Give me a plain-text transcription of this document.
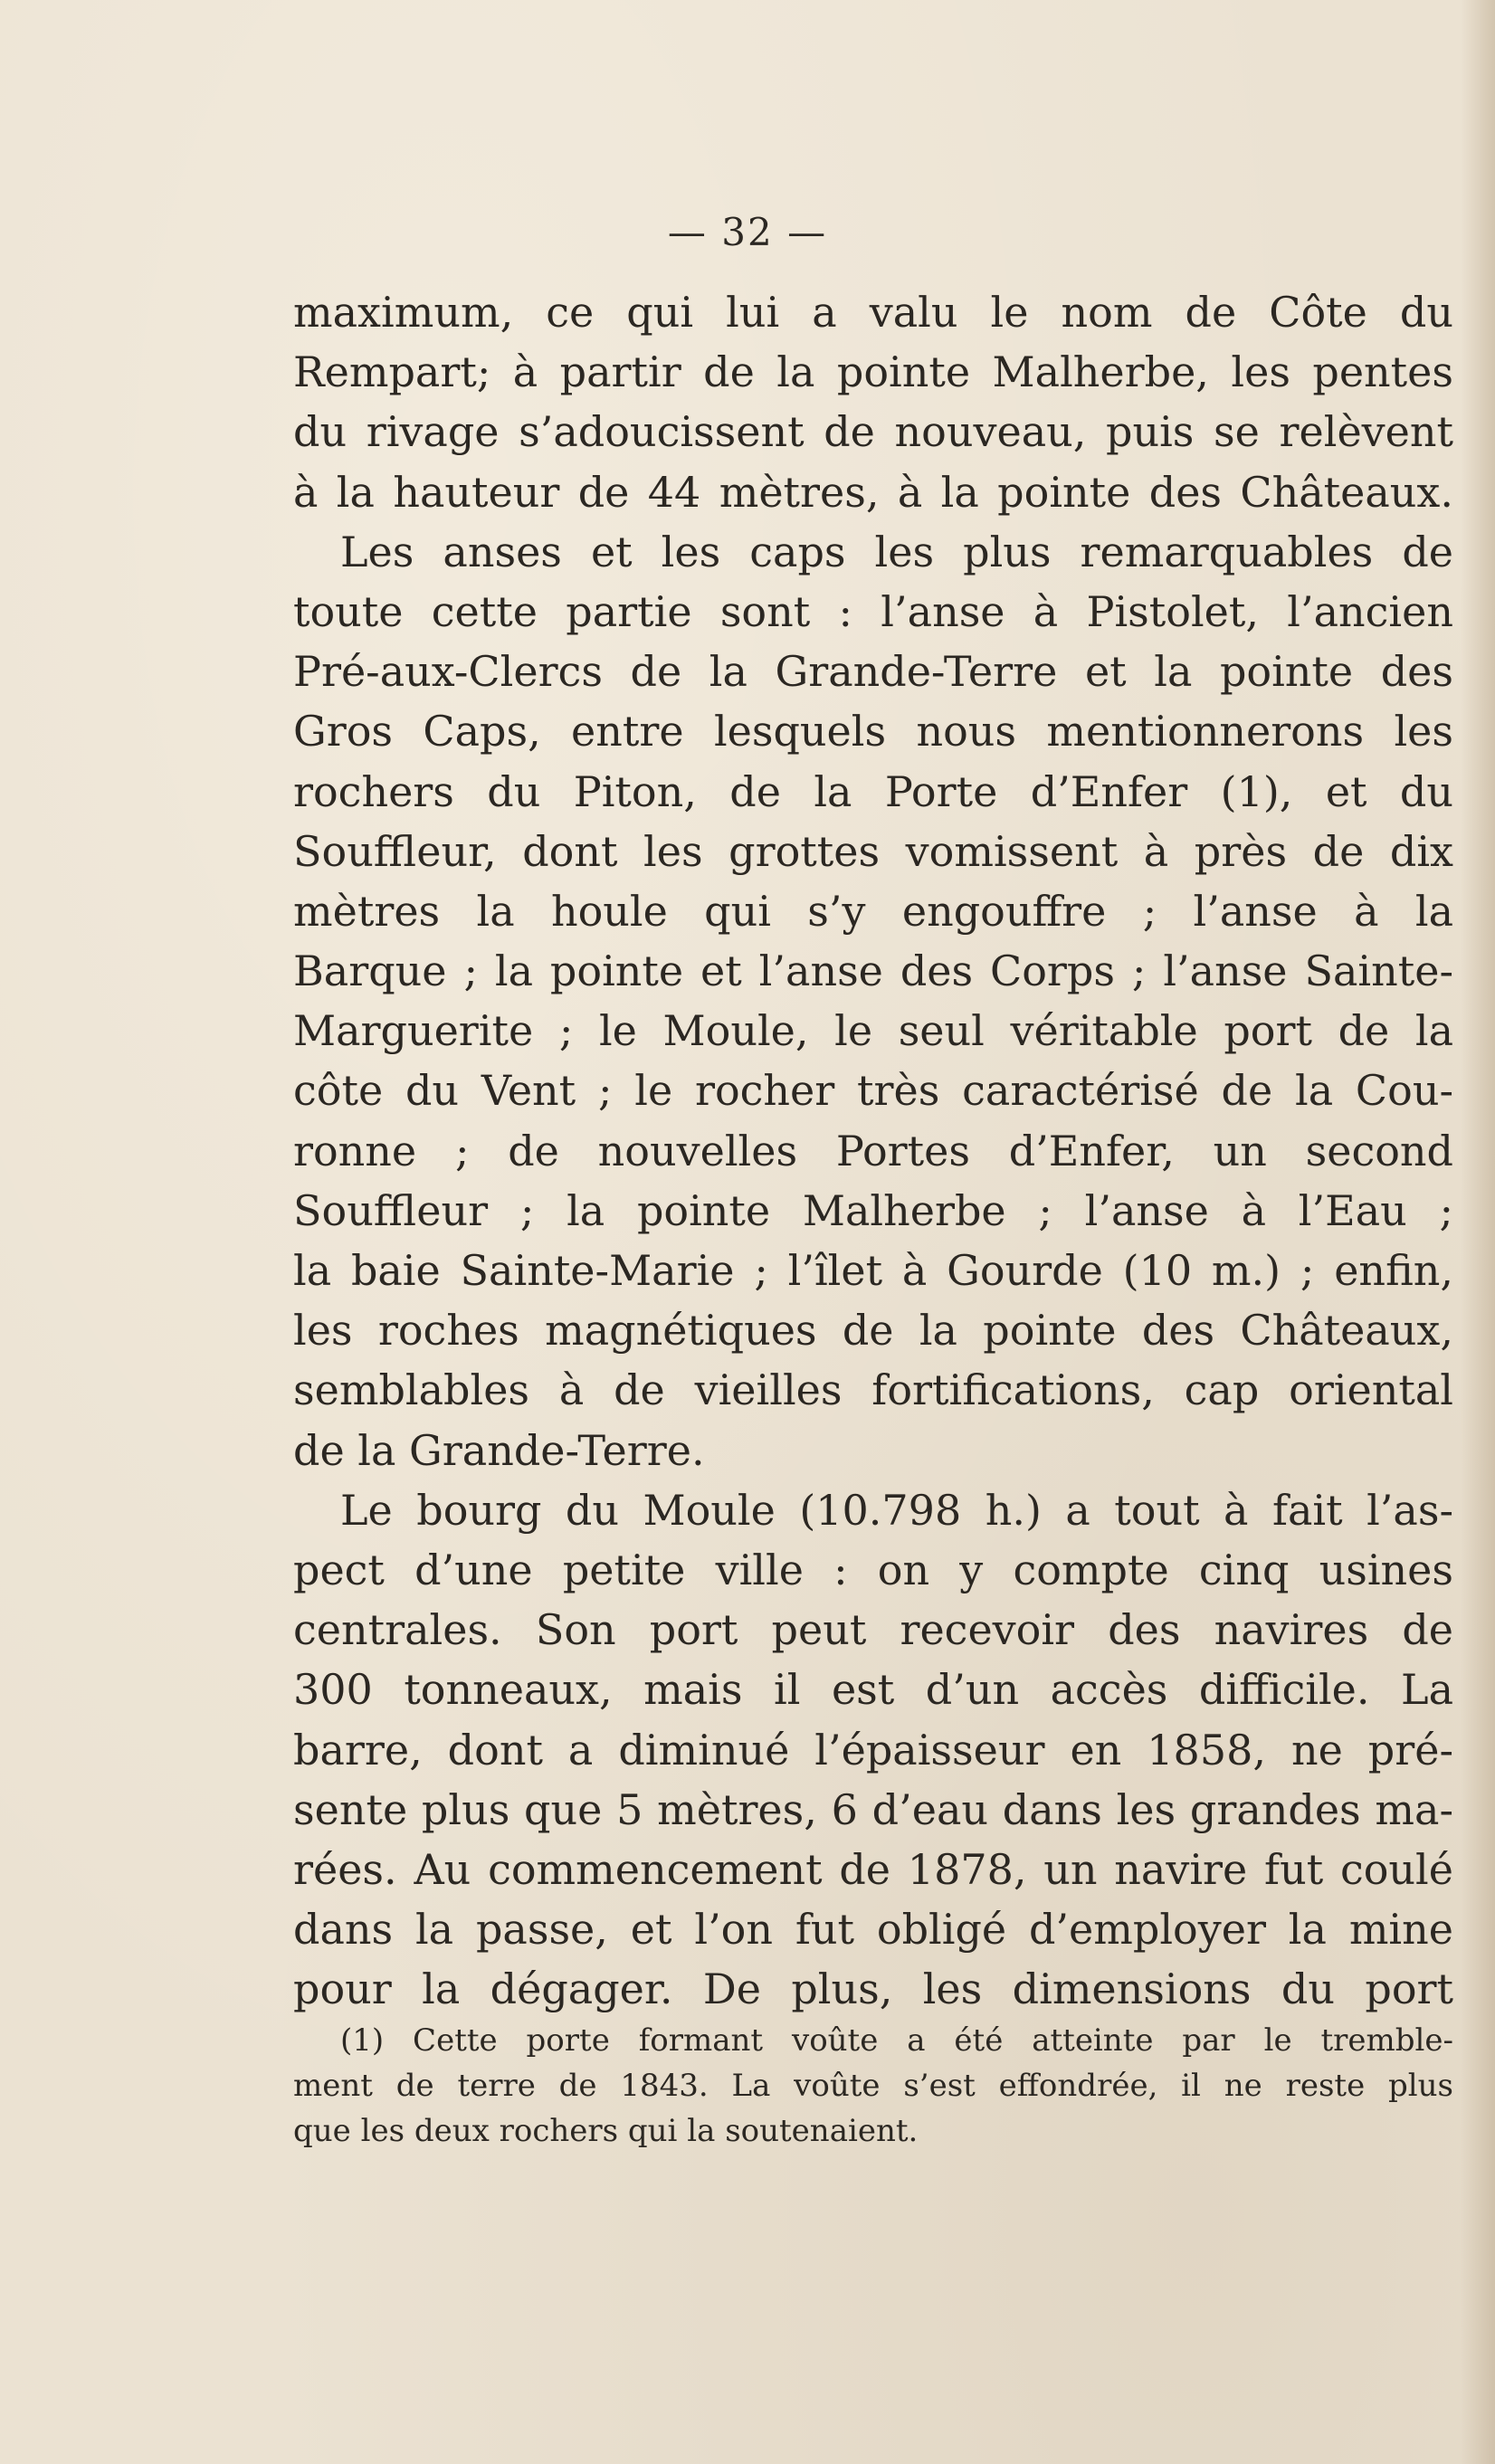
— 32 —
maximum, ce qui lui a valu le nom de Côte du
Rempart; à partir de la pointe Malherbe, les pentes
du rivage s’adoucissent de nouveau, puis se relèvent
à la hauteur de 44 mètres, à la pointe des Châteaux.
Les anses et les caps les plus remarquables de
toute cette partie sont : l’anse à Pistolet, l’ancien
Pré-aux-Clercs de la Grande-Terre et la pointe des
Gros Caps, entre lesquels nous mentionnerons les
rochers du Piton, de la Porte d’Enfer (1), et du
Souffleur, dont les grottes vomissent à près de dix
mètres la houle qui s’y engouffre ; l’anse à la
Barque ; la pointe et l’anse des Corps ; l’anse Sainte-
Marguerite ; le Moule, le seul véritable port de la
côte du Vent ; le rocher très caractérisé de la Cou-
ronne ; de nouvelles Portes d’Enfer, un second
Souffleur ; la pointe Malherbe ; l’anse à l’Eau ;
la baie Sainte-Marie ; l’îlet à Gourde (10 m.) ; enfin,
les roches magnétiques de la pointe des Châteaux,
semblables à de vieilles fortifications, cap oriental
de la Grande-Terre.
Le bourg du Moule (10.798 h.) a tout à fait l’as-
pect d’une petite ville : on y compte cinq usines
centrales. Son port peut recevoir des navires de
300 tonneaux, mais il est d’un accès difficile. La
barre, dont a diminué l’épaisseur en 1858, ne pré-
sente plus que 5 mètres, 6 d’eau dans les grandes ma-
rées. Au commencement de 1878, un navire fut coulé
dans la passe, et l’on fut obligé d’employer la mine
pour la dégager. De plus, les dimensions du port
(1) Cette porte formant voûte a été atteinte par le tremble-
ment de terre de 1843. La voûte s’est effondrée, il ne reste plus
que les deux rochers qui la soutenaient.
